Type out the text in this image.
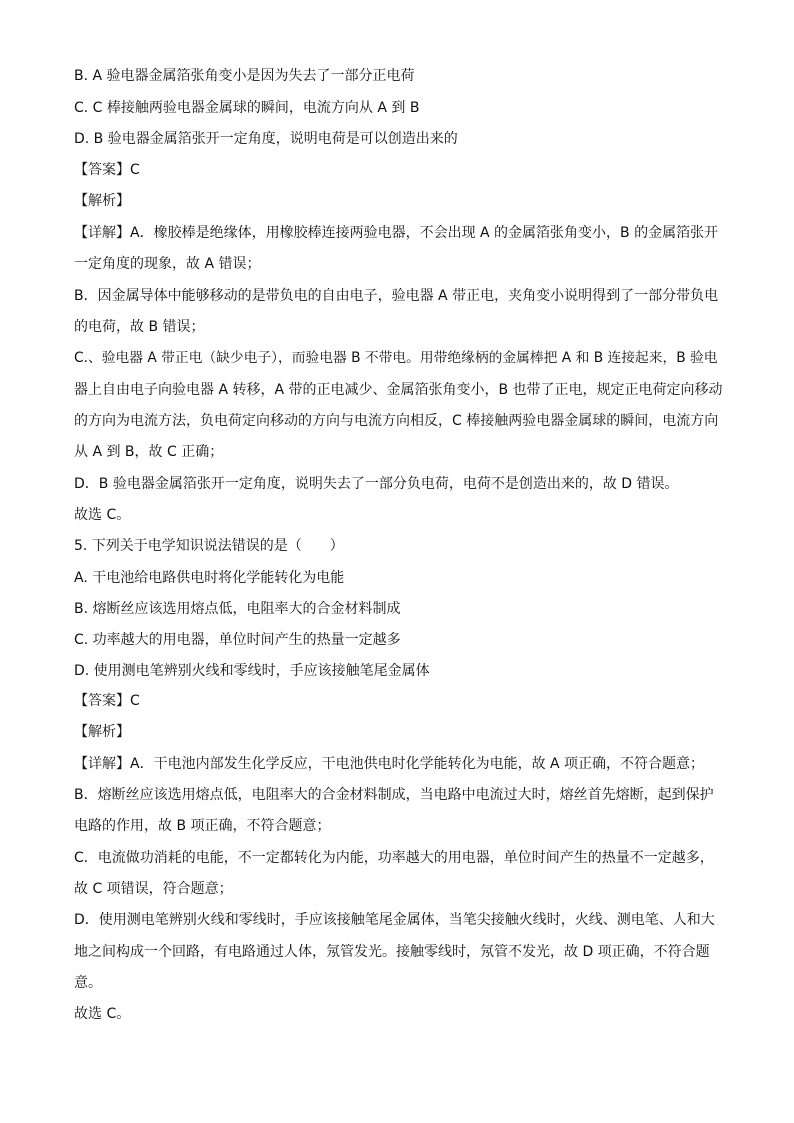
B. A 验电器金属箔张角变小是因为失去了一部分正电荷
C. C 棒接触两验电器金属球的瞬间，电流方向从 A 到 B
D. B 验电器金属箔张开一定角度，说明电荷是可以创造出来的
【答案】C
【解析】
【详解】A．橡胶棒是绝缘体，用橡胶棒连接两验电器，不会出现 A 的金属箔张角变小，B 的金属箔张开
一定角度的现象，故 A 错误；
B．因金属导体中能够移动的是带负电的自由电子，验电器 A 带正电，夹角变小说明得到了一部分带负电
的电荷，故 B 错误；
C.、验电器 A 带正电（缺少电子），而验电器 B 不带电。用带绝缘柄的金属棒把 A 和 B 连接起来，B 验电
器上自由电子向验电器 A 转移，A 带的正电减少、金属箔张角变小，B 也带了正电，规定正电荷定向移动
的方向为电流方法，负电荷定向移动的方向与电流方向相反，C 棒接触两验电器金属球的瞬间，电流方向
从 A 到 B，故 C 正确；
D．B 验电器金属箔张开一定角度，说明失去了一部分负电荷，电荷不是创造出来的，故 D 错误。
故选 C。
5. 下列关于电学知识说法错误的是（　　）
A. 干电池给电路供电时将化学能转化为电能
B. 熔断丝应该选用熔点低，电阻率大的合金材料制成
C. 功率越大的用电器，单位时间产生的热量一定越多
D. 使用测电笔辨别火线和零线时，手应该接触笔尾金属体
【答案】C
【解析】
【详解】A．干电池内部发生化学反应，干电池供电时化学能转化为电能，故 A 项正确，不符合题意；
B．熔断丝应该选用熔点低，电阻率大的合金材料制成，当电路中电流过大时，熔丝首先熔断，起到保护
电路的作用，故 B 项正确，不符合题意；
C．电流做功消耗的电能，不一定都转化为内能，功率越大的用电器，单位时间产生的热量不一定越多，
故 C 项错误，符合题意；
D．使用测电笔辨别火线和零线时，手应该接触笔尾金属体，当笔尖接触火线时，火线、测电笔、人和大
地之间构成一个回路，有电路通过人体，氖管发光。接触零线时，氖管不发光，故 D 项正确，不符合题
意。
故选 C。
